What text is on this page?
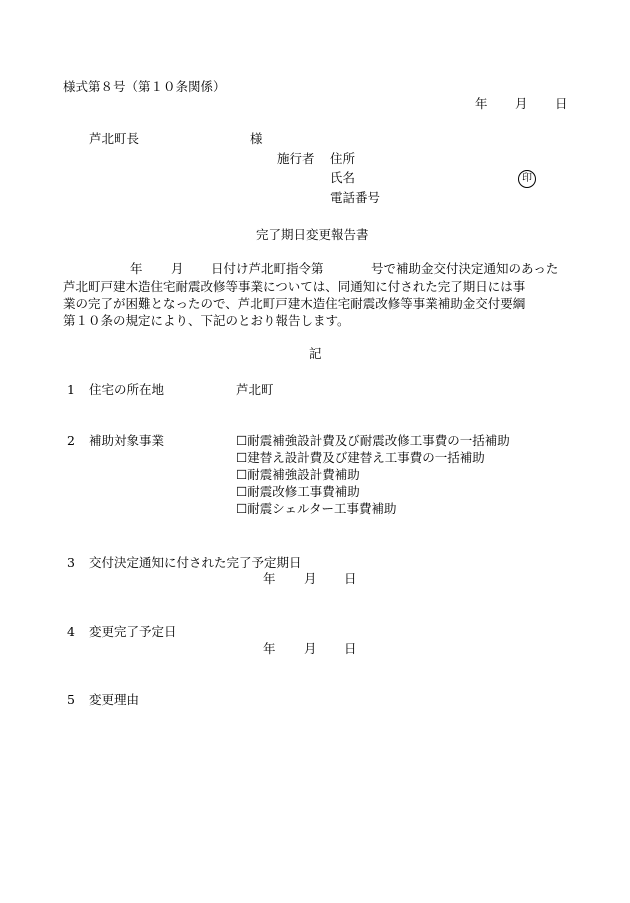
様式第８号（第１０条関係）
年 月 日
芦北町長	様
施行者 住所
氏名	印
電話番号
完了期日変更報告書
年 月 日付け芦北町指令第	号で補助金交付決定通知のあった
芦北町戸建木造住宅耐震改修等事業については、同通知に付された完了期日には事
業の完了が困難となったので、芦北町戸建木造住宅耐震改修等事業補助金交付要綱
第１０条の規定により、下記のとおり報告します。
記
1 住宅の所在地	芦北町
2 補助対象事業	☐耐震補強設計費及び耐震改修工事費の一括補助
☐建替え設計費及び建替え工事費の一括補助
☐耐震補強設計費補助
☐耐震改修工事費補助
☐耐震シェルター工事費補助
3 交付決定通知に付された完了予定期日
年 月 日
4 変更完了予定日
年 月 日
5 変更理由
